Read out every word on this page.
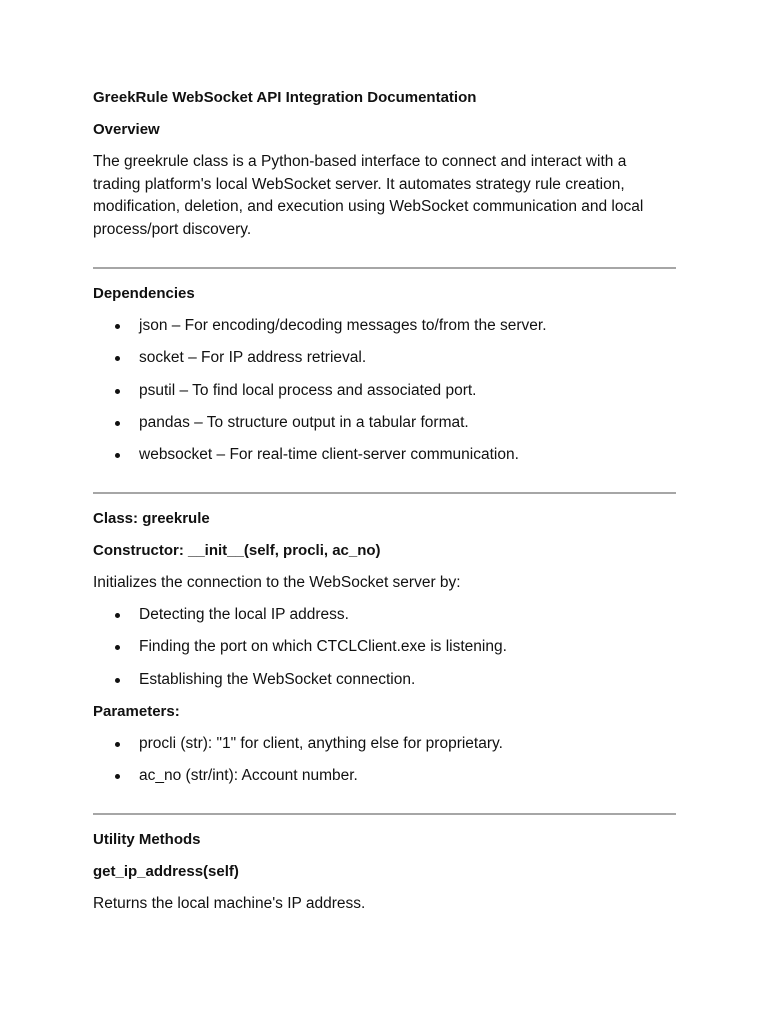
GreekRule WebSocket API Integration Documentation
Overview
The greekrule class is a Python-based interface to connect and interact with a trading platform's local WebSocket server. It automates strategy rule creation, modification, deletion, and execution using WebSocket communication and local process/port discovery.
Dependencies
json – For encoding/decoding messages to/from the server.
socket – For IP address retrieval.
psutil – To find local process and associated port.
pandas – To structure output in a tabular format.
websocket – For real-time client-server communication.
Class: greekrule
Constructor: __init__(self, procli, ac_no)
Initializes the connection to the WebSocket server by:
Detecting the local IP address.
Finding the port on which CTCLClient.exe is listening.
Establishing the WebSocket connection.
Parameters:
procli (str): "1" for client, anything else for proprietary.
ac_no (str/int): Account number.
Utility Methods
get_ip_address(self)
Returns the local machine's IP address.
